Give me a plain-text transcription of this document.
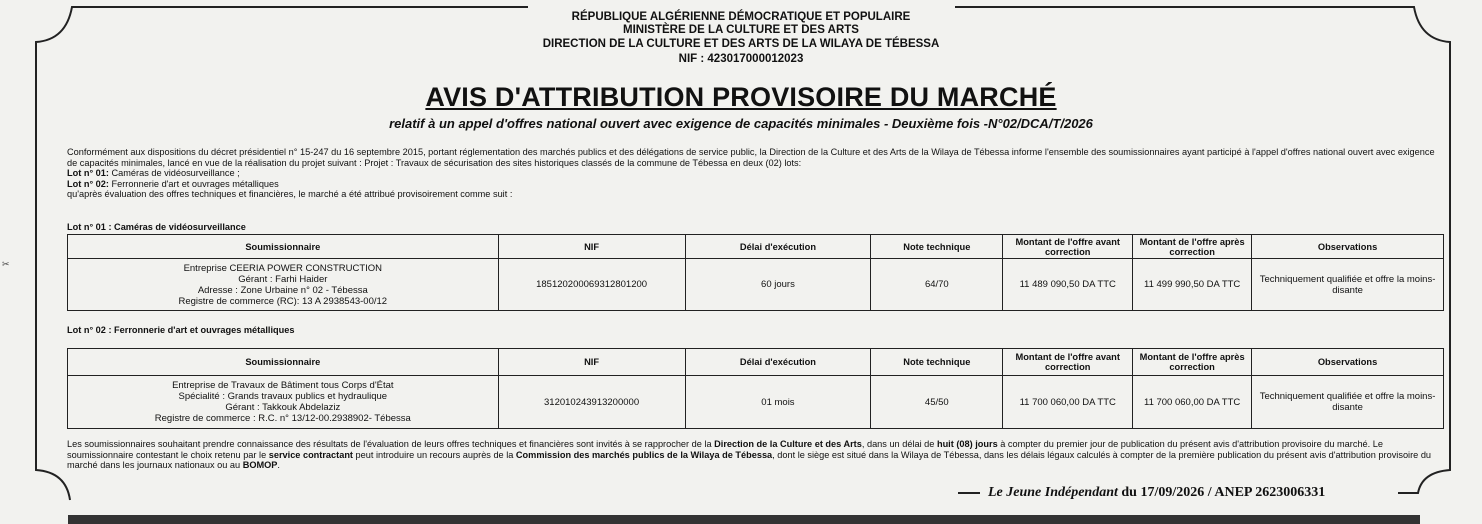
✂
RÉPUBLIQUE ALGÉRIENNE DÉMOCRATIQUE ET POPULAIRE
MINISTÈRE DE LA CULTURE ET DES ARTS
DIRECTION DE LA CULTURE ET DES ARTS DE LA WILAYA DE TÉBESSA
NIF : 423017000012023
AVIS D'ATTRIBUTION PROVISOIRE DU MARCHÉ
relatif à un appel d'offres national ouvert avec exigence de capacités minimales - Deuxième fois -N°02/DCA/T/2026

Conformément aux dispositions du décret présidentiel n° 15-247 du 16 septembre 2015, portant réglementation des marchés publics et des délégations de service public, la Direction de la Culture et des Arts de la Wilaya de Tébessa informe l'ensemble des soumissionnaires ayant participé à l'appel d'offres national ouvert avec exigence de capacités minimales, lancé en vue de la réalisation du projet suivant : Projet : Travaux de sécurisation des sites historiques classés de la commune de Tébessa en deux (02) lots:

Lot n° 01: Caméras de vidéosurveillance ;

Lot n° 02: Ferronnerie d'art et ouvrages métalliques

qu'après évaluation des offres techniques et financières, le marché a été attribué provisoirement comme suit :

Lot n° 01 : Caméras de vidéosurveillance
Soumissionnaire	NIF	Délai d'exécution	Note technique	Montant de l'offre avant correction	Montant de l'offre après correction	Observations

Entreprise CEERIA POWER CONSTRUCTION
Gérant : Farhi Haider
Adresse : Zone Urbaine n° 02 - Tébessa
Registre de commerce (RC): 13 A 2938543-00/12	185120200069312801200	60 jours	64/70	11 489 090,50 DA TTC	11 499 990,50 DA TTC	Techniquement qualifiée et offre la moins-disante
Lot n° 02 : Ferronnerie d'art et ouvrages métalliques
Soumissionnaire	NIF	Délai d'exécution	Note technique	Montant de l'offre avant correction	Montant de l'offre après correction	Observations

Entreprise de Travaux de Bâtiment tous Corps d'État
Spécialité : Grands travaux publics et hydraulique
Gérant : Takkouk Abdelaziz
Registre de commerce : R.C. n° 13/12-00.2938902- Tébessa	312010243913200000	01 mois	45/50	11 700 060,00 DA TTC	11 700 060,00 DA TTC	Techniquement qualifiée et offre la moins-disante
Les soumissionnaires souhaitant prendre connaissance des résultats de l'évaluation de leurs offres techniques et financières sont invités à se rapprocher de la Direction de la Culture et des Arts, dans un délai de huit (08) jours à compter du premier jour de publication du présent avis d'attribution provisoire du marché. Le soumissionnaire contestant le choix retenu par le service contractant peut introduire un recours auprès de la Commission des marchés publics de la Wilaya de Tébessa, dont le siège est situé dans la Wilaya de Tébessa, dans les délais légaux calculés à compter de la première publication du présent avis d'attribution provisoire du marché dans les journaux nationaux ou au BOMOP.
Le Jeune Indépendant du 17/09/2026 / ANEP 2623006331
